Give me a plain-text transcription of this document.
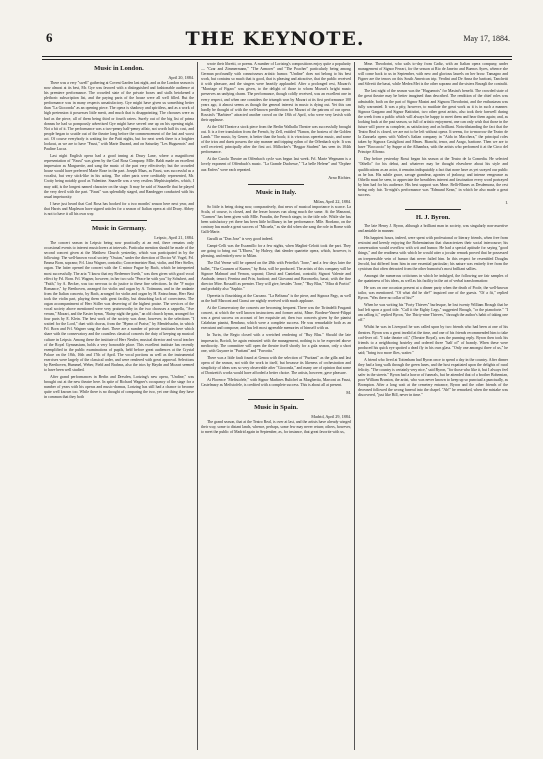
6	THE KEYNOTE.	May 17, 1884.
Music in London.
April 20, 1884.

There was a very "swell" gathering at Covent Garden last night, and as the London season is now almost at its best, Mr. Gye was favored with a distinguished and fashionable audience at his premiere performance. The crowded state of the private boxes and stalls betokened a plethoric subscription list, and the paying parts of the house were all well filled. But the performance was in many respects unsatisfactory. Gye might have given us something better than "La Gioconda" as an opening piece. The opera is shadowy and spiritless, and as a work of high pretension it possesses little merit, and much that is disappointing. The choruses were as bad as the piece, all of them being third or fourth raters. Surely out of the big list of prima donnas he had so pompously advertised Gye might have served one up on his opening night. Not a bit of it. The performance was a two-penny half-penny affair, not worth half its cost, and people began to scuttle out of the theatre long before the commencement of the last and worst act. Of course everybody is waiting for the Patti nights, but for next week there is a brighter lookout, as we are to have "Faust," with Marie Durand, and on Saturday "Les Huguenots" and Pauline Lucca.

Last night English opera had a good inning at Drury Lane, where a magnificent representation of "Faust" was given by the Carl Rosa Company. Mlle. Baldi made an excellent impression as Marguerite, and sang the music of the part very effectively; but the crowded house would have preferred Marie Roze in the part. Joseph Maas, as Faust, was successful as a vocalist, but very stick-like in his acting. The other parts were creditably represented, Mr. Crotty being notably good as Valentine. Snazelle was a very restless Mephistopheles, which, I may add, is the longest named character on the stage. It may be said of Snazelle that he played the very devil with the part. "Faust" was splendidly staged, and Randegger conducted with his usual impetuosity.

I have just heard that Carl Rosa has booked for a two months' season here next year, and that Harris and Mapleson have signed articles for a season of Italian opera at old Drury. Abbey is not to have it all his own way.

Music in Germany.
Leipsic, April 21, 1884.

The concert season in Leipsic being now practically at an end, there remains only occasional events to interest musiclovers at intervals. Particular mention should be made of the second concert given at the Matthew Church yesterday, which was participated in by the following: The well-known vocal society "Ossian," under the direction of Doctor W. Vogel, Frl. Emma Born, soprano; Frl. Lina Wagner, contralto; Concertmeister Bast, violin, and Herr Steller, organ. The latter opened the concert with the C minor Fugue by Bach, which he interpreted most successfully. The aria "I know that my Redeemer liveth," was then given with good vocal effect by Frl. Born. Frl. Wagner, however, in her two solo "Peace be with you" by Schubert, and "Faith," by A. Becker, was too nervous to do justice to these fine selections. In the "F major Romance," by Beethoven, arranged for violin and organ by A. Tottmann, and in the andante from the Italian concerto, by Bach, arranged for violin and organ by H. Entzschmar, Herr Bast took the violin part, playing them with great facility, but disturbing lack of correctness. The organ accompaniment of Herr Stiller was deserving of the highest praise. The services of the vocal society above mentioned were very praiseworthy in the two choruses a cappella, "Ave verum," Mozart, and the Easter hymn, "Rainy night the gain," an old church hymn, arranged for four parts by E. Klein. The best work of the society was done, however, in the selections "I waited for the Lord," duet with chorus, from the "Hymn of Praise," by Mendelssohn, in which Frl. Born and Frl. Wagner sang the duet. There are a number of private institutes here which share with the conservatory and the countless classical concerts the duty of keeping up musical culture in Leipsic. Among these the institute of Herr Nestler, musical director and vocal teacher of the Royal Gymnasium, holds a very honorable place. This excellent institute has recently exemplified in the public examinations of pupils, held before great audiences at the Crystal Palace on the 18th, 16th and 17th of April. The vocal portions as well as the instrumental exercises were largely of the classical order, and were rendered with great approval. Selections by Beethoven, Hummel, Weber, Field and Brahms, also the trios by Haydn and Mozart seemed to have been well studied.

After grand performances in Berlin and Dresden, Lortzing's new opera, "Undine," was brought out at the new theatre here. In spite of Richard Wagner's occupancy of the stage for a number of years with his operas and music-dramas, Lortzing has still had a chance to become quite well known too. While there is no thought of comparing the two, yet one thing they have in common that they both

wrote their libretti, or poems. A number of Lortzing's compositions enjoy quite a popularity — "Czar and Zimmermann," "The Armorer" and "The Poacher" particularly being among German profoundly with connoisseurs artistic humor. "Undine" does not belong to his best work, but contains so much that is good, that is pleasing and attractive, that the public received it with pleasure, and the singers were heartily applauded. After a prolonged rest, Mozart's "Marriage of Figaro" was given, to the delight of those to whom Mozart's bright music preserves an undying charm. The performance, though coldly received, was an excellent one in every respect, and when one considers the triumph won by Mozart at its first performance 100 years ago, it almost seems as though the general interest in music is dying out. Yet this can hardly be thought of with the well-known predilection for Mozart of the patrons of our opera. Rossini's "Barbiere" attracted another crowd on the 18th of April, who were very lavish with their applause.

At the Old Theatre a stock piece from the Berlin Walhalla Theatre was successfully brought out. It is a free translation from the French, by Zell, entitled "Nanon, the hostess of the Golden Lamb." The music, by Genee, is better than the book; it is vivacious operetta music, and some of the trios and duets possess the airy manner and tripping rythm of the Offenbach style. It was well received, principally after the first act. Millocker's "Beggar Student" has seen its 104th performance.

At the Carola Theatre an Offenbach cycle was begun last week. Frl. Marie Wegmann is a lovely exponent of Offenbach's music. "La Grande Duchesse," "La belle Helene" and "Orphee aux Enfers" were each repeated.

Arno Richter.
Music in Italy.
Milan, April 22, 1884.

So little is being doing now, comparatively, that news of musical importance is scarce. La Scala, of course, is closed, and the lesser houses run along much the same. At the Manzoni, "Carmen" has been given with Mlle. Fraudin, the French singer, in the title role. While she has been satisfactory yet there has been little brilliancy in her performance. Mlle. Bordano, on the contrary has made a great success of "Micaela," as she did when she sang the role in Rome with Galli-Marie.

Garulli as "Don Jose" is very good indeed.

Campi-Celli was the Escamillo for a few nights, when Maglini-Celotti took the part. They are going to bring out "L'Ebrea," by Halevy, that slender quartette opera, which, however, is pleasing, and entirely new to Milan.

The Dal Verme will be opened on the 28th with Petrella's "Jone," and a few days later the ballet, "The Counsen of Kurner," by Rota, will be produced. The artists of this company will be Signore Mahnarf and Vernon, soprani; Chesti and Cantelani, contralti; Signori Valente and Andrade, tenori; Fernina and Prin, baritoni; and Giovanni and Boroncelio, bassi; with the fine director Mtre. Rossaffi as premier. They will give, besides "Jone," "Ruy Blas," "Mira di Portici" and probably also "Saphio."

Operetta is flourishing at the Carcano. "La Belisma" is the piece, and Signora Pagy, as well as the buff Marconi and Grassi are nightly received with much applause.

At the Conservatory the concerts are becoming frequent. There was the Tiriindelli Fruganti concert, at which the well known instructress and former artist, Mme. Bordese-Vaneri-Filippi was a great success on account of her exquisite art; then two concerts given by the pianist Calabrian pianist, Rendano, which were a complete success. He was remarkable both as an executant and composer, and has left most agreeable memories of himself with us.

In Turin, the Regio closed with a wretched rendering of "Ruy Blas." Should the late impresario, Borioli, be again entrusted with the management, nothing is to be expected above mediocrity. The committee will open the theatre itself shortly for a gala season, only a short one, with Guyarre in "Puritani" and "Favorita."

There was a little fault found at Genoa with the selection of "Puritani" as the gilla and last opera of the season, not with the work in itself, but because its likeness of orchestration and simplicity of ideas was so very observable after "Gioconda," and many are of opinion that some of Donizetti's works would have afforded a better choice. The artists, however, gave pleasure.

At Florence "Mefistofele," with Signor Marlines Bulichel as Margherita, Marconi as Faust, Castelmary as Mefistofele, is credited with a complete success. This is about all at present.

M.
Music in Spain.
Madrid, April 29, 1884.

The grand season, that at the Teatro Real, is over at last, and the artists have already winged their way, some to distant lands, whence, perhaps, some few may never return; others, however, to meet the public of Madrid again in September, as, for instance, that great favorite with us,

Mme. Theodorini, who sails to-day from Cadiz, with an Italian opera company, under management of Signor Ferrari, for the season at Rio de Janeiro and Buenos Ayres, whence she will come back to us in September, with new and glorious laurels on her brow. Tamagno and Figner are the tenors on this South American trip. Verdini and De Anna the baritoni, Tanchetti and Silvetti the bassi, while Medea Mei is the other soprano and the sisters Bavagli the contralti.

The last night of the season was the "Huguenots" for Masini's benefit. The crowded state of the great theatre may be better imagined than described. The rendition of the chief roles was admirable, both on the part of Signor Masini and Signora Theodorini, and the enthusiasm was fully warranted. It was a pity, however, to mutilate the great work as it is in such a manner. Signora Gargano and Signor Battistini, two other great artists, also took their farewell during the week from a public which will always be happy to meet them and hear them again; and, as looking back at the past season, so full of artistic enjoyment, one can only wish that those in the future will prove as complete, as satisfactory and as brilliant. Notwithstanding the fact that the Teatro Real is closed, we are not to be left without opera. It seems, for to-morrow the Teatro de la Zarzuela opens with Valleri's Italian company in "Aida in Macchera," the principal roles taken by Signora Castiglioni and Mmes. Bianchi, tenor, and Arago, baritone. Then we are to have "Boccaccio" by Suppe at the Alhambra, with the artists who performed it at the Circo del Principe Alfonso.

Day before yesterday Rossi began his season at the Teatro de la Comedia. He selected "Othello" for his debut, and whatever may be thought elsewhere about his style and qualifications as an actor, it remains indisputably a fact that none have as yet swayed our public as he has. His subtle grace, savage grandeur, agonies of jealousy, and intense vengeance as Othello must be seen, to appreciate the breathless interest and fascination every word portrayed by him had for his audience. His best support was Mme. Belli-Blanes as Desdemona, the rest being only fair. To-night's performance was "Edmund Kean," in which he also made a great success.

I.
H. J. Byron.

The late Henry J. Byron, although a brilliant man in society, was singularly non-assertive and amiable in manner.

His happiest hours, indeed, were spent with professional or literary friends, when free from restraint and keenly enjoying the Bohemianism that characterizes their social intercourse; his conversation would overflow with wit and humor. He had a special aptitude for saying "good things," and the readiness with which he would utter a jocular remark proved that he possessed an irrepressible vein of humor that never failed him. In this respect he resembled Douglas Jerrold, but differed from him in one essential particular; his nature was entirely free from the cynicism that often detracted from the other humorist's most brilliant sallies.

Amongst the numerous criticisms in which he indulged, the following are fair samples of the quaintness of his ideas, as well as his facility in the art of verbal transformation:

He was on one occasion present at a dinner party when the death of Poole, the well-known tailor, was mentioned. "Of what did he die?" inquired one of the guests. "Of a fit," replied Byron. "Was there no collar of his?"

When he was writing his "Forty Thieves" burlesque, he lost twenty William Brough that he had left upon a good title. "Call it the Eighty Legs," suggested Brough, "or the pianoforte." "I am calling it," replied Byron, "the Thirty-nine Thieves," through the author's habit of taking one off."

Whilst he was in Liverpool he was called upon by two friends who had been at one of his theatres. Byron was a great invalid at the time, and one of his friends recommended him to take cod-liver oil. "I take theatre oil," (Theatre Royal), was the punning reply. Byron then took his friends to a neighboring hostelry and ordered three "half of" of brandy. When these were produced his quick eye spotted a dead fly in his own glass. "Only one amongst three of us," he said; "bring two more flies, waiter."

A friend who lived at Tottenham had Byron once to spend a day in the country. After dinner they had a long walk through the green lanes, and the host expatiated upon the delights of rural felicity. "The country is certainly very nice," said Byron, "for those who like it, but I always feel safer in the streets." Byron had a horror of funerals, but he attended that of a brother Bohemian, poor William Brunton, the artist, who was never known to keep up so punctual a punctually, as Brompton. After a long wait at the cemetery entrance, Byron and the other friends of the deceased followed the wrong funeral into the chapel. "Ah!" he remarked, when the mistake was discovered, "just like Bill, never in time."
